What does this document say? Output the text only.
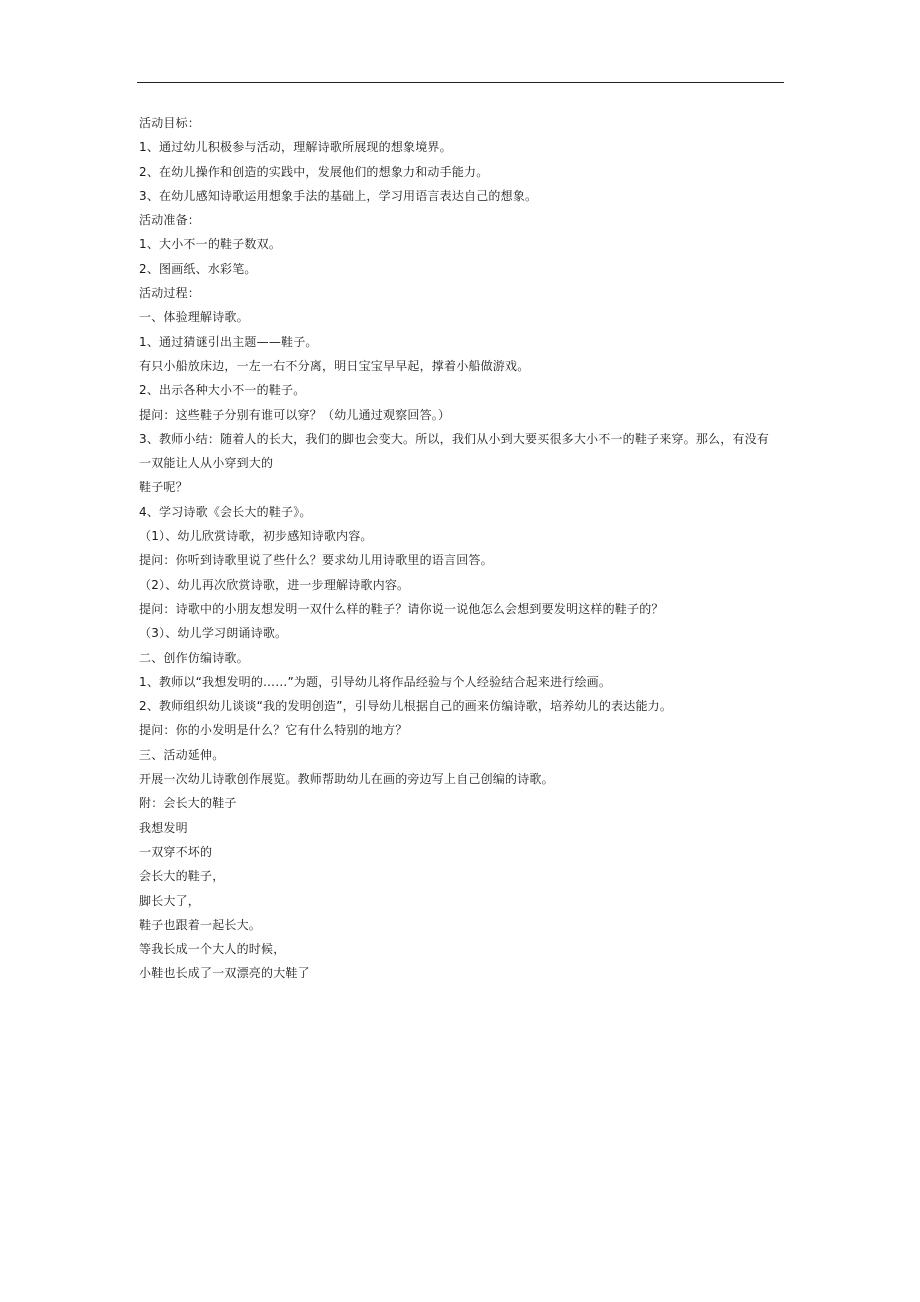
活动目标：
1、通过幼儿积极参与活动，理解诗歌所展现的想象境界。
2、在幼儿操作和创造的实践中，发展他们的想象力和动手能力。
3、在幼儿感知诗歌运用想象手法的基础上，学习用语言表达自己的想象。
活动准备：
1、大小不一的鞋子数双。
2、图画纸、水彩笔。
活动过程：
一、体验理解诗歌。
1、通过猜谜引出主题——鞋子。
有只小船放床边，一左一右不分离，明日宝宝早早起，撑着小船做游戏。
2、出示各种大小不一的鞋子。
提问：这些鞋子分别有谁可以穿？（幼儿通过观察回答。）
3、教师小结：随着人的长大，我们的脚也会变大。所以，我们从小到大要买很多大小不一的鞋子来穿。那么，有没有
一双能让人从小穿到大的
鞋子呢？
4、学习诗歌《会长大的鞋子》。
（1）、幼儿欣赏诗歌，初步感知诗歌内容。
提问：你听到诗歌里说了些什么？要求幼儿用诗歌里的语言回答。
（2）、幼儿再次欣赏诗歌，进一步理解诗歌内容。
提问：诗歌中的小朋友想发明一双什么样的鞋子？请你说一说他怎么会想到要发明这样的鞋子的？
（3）、幼儿学习朗诵诗歌。
二、创作仿编诗歌。
1、教师以“我想发明的……”为题，引导幼儿将作品经验与个人经验结合起来进行绘画。
2、教师组织幼儿谈谈“我的发明创造”，引导幼儿根据自己的画来仿编诗歌，培养幼儿的表达能力。
提问：你的小发明是什么？它有什么特别的地方？
三、活动延伸。
开展一次幼儿诗歌创作展览。教师帮助幼儿在画的旁边写上自己创编的诗歌。
附：会长大的鞋子
我想发明
一双穿不坏的
会长大的鞋子，
脚长大了，
鞋子也跟着一起长大。
等我长成一个大人的时候，
小鞋也长成了一双漂亮的大鞋了
